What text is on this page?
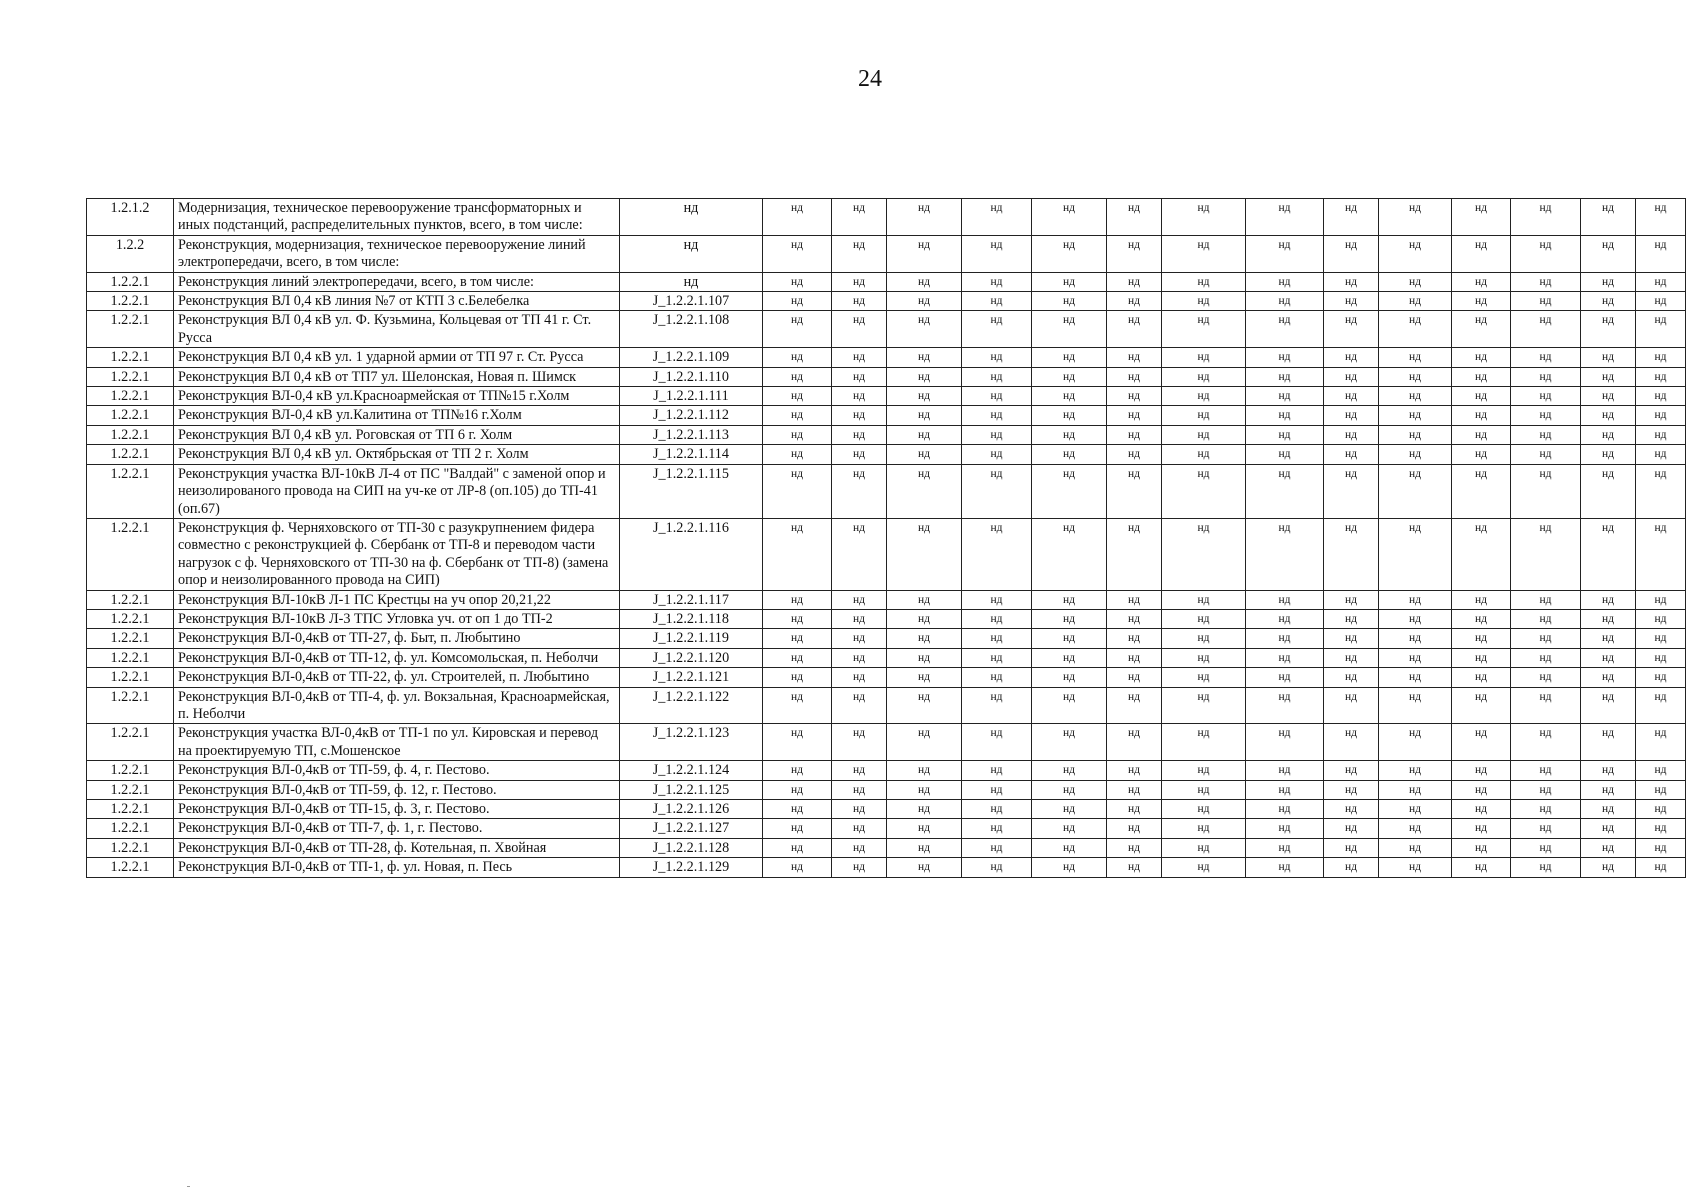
24
1.2.1.2	Модернизация, техническое перевооружение трансформаторных и иных подстанций, распределительных пунктов, всего, в том числе:	нд	нд	нд	нд	нд	нд	нд	нд	нд	нд	нд	нд	нд	нд	нд
1.2.2	Реконструкция, модернизация, техническое перевооружение линий электропередачи, всего, в том числе:	нд	нд	нд	нд	нд	нд	нд	нд	нд	нд	нд	нд	нд	нд	нд
1.2.2.1	Реконструкция линий электропередачи, всего, в том числе:	нд	нд	нд	нд	нд	нд	нд	нд	нд	нд	нд	нд	нд	нд	нд
1.2.2.1	Реконструкция ВЛ 0,4 кВ линия №7 от КТП 3 с.Белебелка	J_1.2.2.1.107	нд	нд	нд	нд	нд	нд	нд	нд	нд	нд	нд	нд	нд	нд
1.2.2.1	Реконструкция ВЛ 0,4 кВ ул. Ф. Кузьмина, Кольцевая от ТП 41 г. Ст. Русса	J_1.2.2.1.108	нд	нд	нд	нд	нд	нд	нд	нд	нд	нд	нд	нд	нд	нд
1.2.2.1	Реконструкция ВЛ 0,4 кВ ул. 1 ударной армии от ТП 97 г. Ст. Русса	J_1.2.2.1.109	нд	нд	нд	нд	нд	нд	нд	нд	нд	нд	нд	нд	нд	нд
1.2.2.1	Реконструкция ВЛ 0,4 кВ от ТП7 ул. Шелонская, Новая п. Шимск	J_1.2.2.1.110	нд	нд	нд	нд	нд	нд	нд	нд	нд	нд	нд	нд	нд	нд
1.2.2.1	Реконструкция ВЛ-0,4 кВ ул.Красноармейская от ТП№15 г.Холм	J_1.2.2.1.111	нд	нд	нд	нд	нд	нд	нд	нд	нд	нд	нд	нд	нд	нд
1.2.2.1	Реконструкция ВЛ-0,4 кВ ул.Калитина от ТП№16 г.Холм	J_1.2.2.1.112	нд	нд	нд	нд	нд	нд	нд	нд	нд	нд	нд	нд	нд	нд
1.2.2.1	Реконструкция ВЛ 0,4 кВ ул. Роговская от ТП 6 г. Холм	J_1.2.2.1.113	нд	нд	нд	нд	нд	нд	нд	нд	нд	нд	нд	нд	нд	нд
1.2.2.1	Реконструкция ВЛ 0,4 кВ ул. Октябрьская от ТП 2 г. Холм	J_1.2.2.1.114	нд	нд	нд	нд	нд	нд	нд	нд	нд	нд	нд	нд	нд	нд
1.2.2.1	Реконструкция участка ВЛ-10кВ Л-4 от ПС "Валдай" с заменой опор и неизолированого провода на СИП на уч-ке от ЛР-8 (оп.105) до ТП-41 (оп.67)	J_1.2.2.1.115	нд	нд	нд	нд	нд	нд	нд	нд	нд	нд	нд	нд	нд	нд
1.2.2.1	Реконструкция ф. Черняховского от ТП-30 с разукрупнением фидера совместно с реконструкцией ф. Сбербанк от ТП-8 и переводом части нагрузок с ф. Черняховского от ТП-30 на ф. Сбербанк от ТП-8) (замена опор и неизолированного провода на СИП)	J_1.2.2.1.116	нд	нд	нд	нд	нд	нд	нд	нд	нд	нд	нд	нд	нд	нд
1.2.2.1	Реконструкция ВЛ-10кВ Л-1 ПС Крестцы на уч опор 20,21,22	J_1.2.2.1.117	нд	нд	нд	нд	нд	нд	нд	нд	нд	нд	нд	нд	нд	нд
1.2.2.1	Реконструкция ВЛ-10кВ Л-3 ТПС Угловка уч. от оп 1 до ТП-2	J_1.2.2.1.118	нд	нд	нд	нд	нд	нд	нд	нд	нд	нд	нд	нд	нд	нд
1.2.2.1	Реконструкция ВЛ-0,4кВ от ТП-27, ф. Быт, п. Любытино	J_1.2.2.1.119	нд	нд	нд	нд	нд	нд	нд	нд	нд	нд	нд	нд	нд	нд
1.2.2.1	Реконструкция ВЛ-0,4кВ от ТП-12, ф. ул. Комсомольская, п. Неболчи	J_1.2.2.1.120	нд	нд	нд	нд	нд	нд	нд	нд	нд	нд	нд	нд	нд	нд
1.2.2.1	Реконструкция ВЛ-0,4кВ от ТП-22, ф. ул. Строителей, п. Любытино	J_1.2.2.1.121	нд	нд	нд	нд	нд	нд	нд	нд	нд	нд	нд	нд	нд	нд
1.2.2.1	Реконструкция ВЛ-0,4кВ от ТП-4, ф. ул. Вокзальная, Красноармейская, п. Неболчи	J_1.2.2.1.122	нд	нд	нд	нд	нд	нд	нд	нд	нд	нд	нд	нд	нд	нд
1.2.2.1	Реконструкция участка ВЛ-0,4кВ от ТП-1 по ул. Кировская и перевод на проектируемую ТП, с.Мошенское	J_1.2.2.1.123	нд	нд	нд	нд	нд	нд	нд	нд	нд	нд	нд	нд	нд	нд
1.2.2.1	Реконструкция ВЛ-0,4кВ от ТП-59, ф. 4, г. Пестово.	J_1.2.2.1.124	нд	нд	нд	нд	нд	нд	нд	нд	нд	нд	нд	нд	нд	нд
1.2.2.1	Реконструкция ВЛ-0,4кВ от ТП-59, ф. 12, г. Пестово.	J_1.2.2.1.125	нд	нд	нд	нд	нд	нд	нд	нд	нд	нд	нд	нд	нд	нд
1.2.2.1	Реконструкция ВЛ-0,4кВ от ТП-15, ф. 3, г. Пестово.	J_1.2.2.1.126	нд	нд	нд	нд	нд	нд	нд	нд	нд	нд	нд	нд	нд	нд
1.2.2.1	Реконструкция ВЛ-0,4кВ от ТП-7, ф. 1, г. Пестово.	J_1.2.2.1.127	нд	нд	нд	нд	нд	нд	нд	нд	нд	нд	нд	нд	нд	нд
1.2.2.1	Реконструкция ВЛ-0,4кВ от ТП-28, ф. Котельная, п. Хвойная	J_1.2.2.1.128	нд	нд	нд	нд	нд	нд	нд	нд	нд	нд	нд	нд	нд	нд
1.2.2.1	Реконструкция ВЛ-0,4кВ от ТП-1, ф. ул. Новая, п. Песь	J_1.2.2.1.129	нд	нд	нд	нд	нд	нд	нд	нд	нд	нд	нд	нд	нд	нд
